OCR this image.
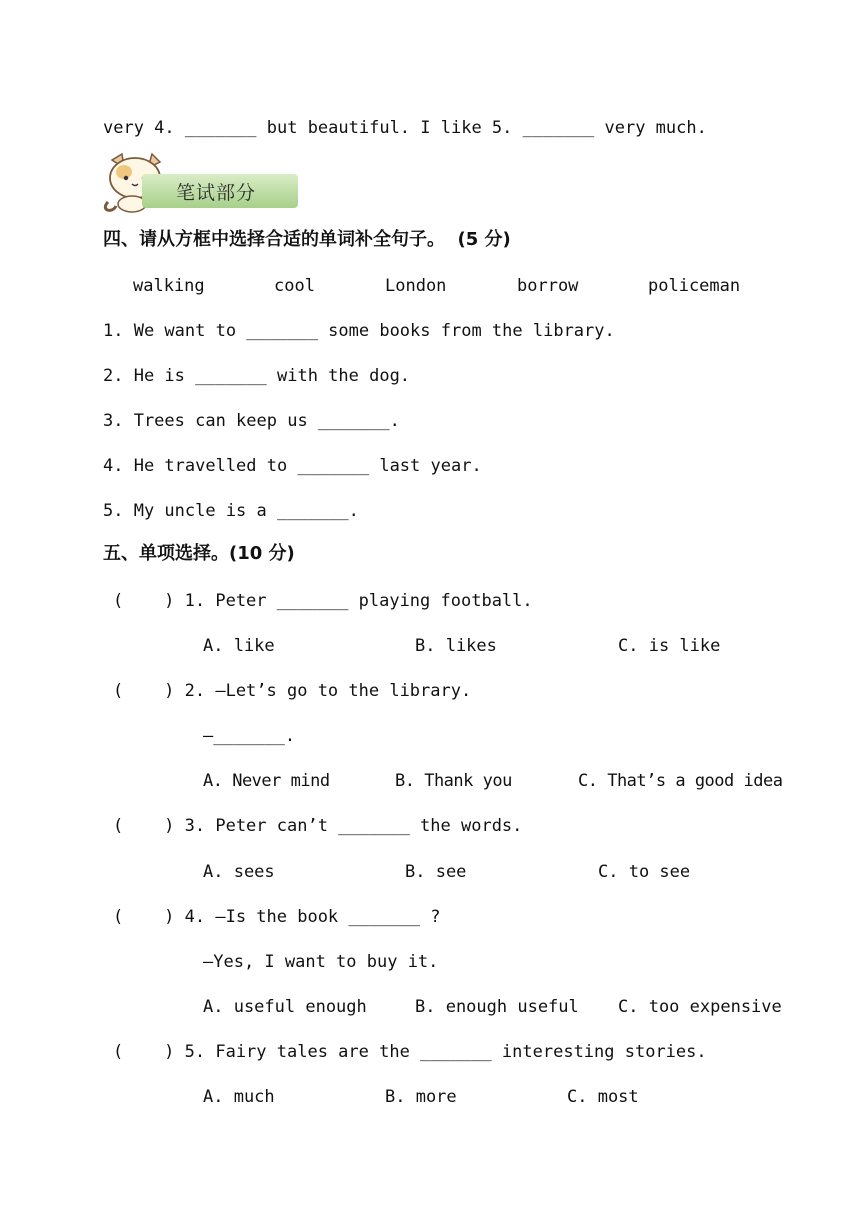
very 4. _______ but beautiful. I like 5. _______ very much.
笔试部分
四、请从方框中选择合适的单词补全句子。  (5 分)
walking	cool	London	borrow	policeman
1. We want to _______ some books from the library.
2. He is _______ with the dog.
3. Trees can keep us _______.
4. He travelled to _______ last year.
5. My uncle is a _______.
五、单项选择。(10 分)
(    ) 1. Peter _______ playing football.
A. like	B. likes	C. is like
(    ) 2. —Let’s go to the library.
—_______.
A. Never mind	B. Thank you	C. That’s a good idea
(    ) 3. Peter can’t _______ the words.
A. sees	B. see	C. to see
(    ) 4. —Is the book _______ ?
—Yes, I want to buy it.
A. useful enough	B. enough useful C. too expensive
(    ) 5. Fairy tales are the _______ interesting stories.
A. much	B. more	C. most
